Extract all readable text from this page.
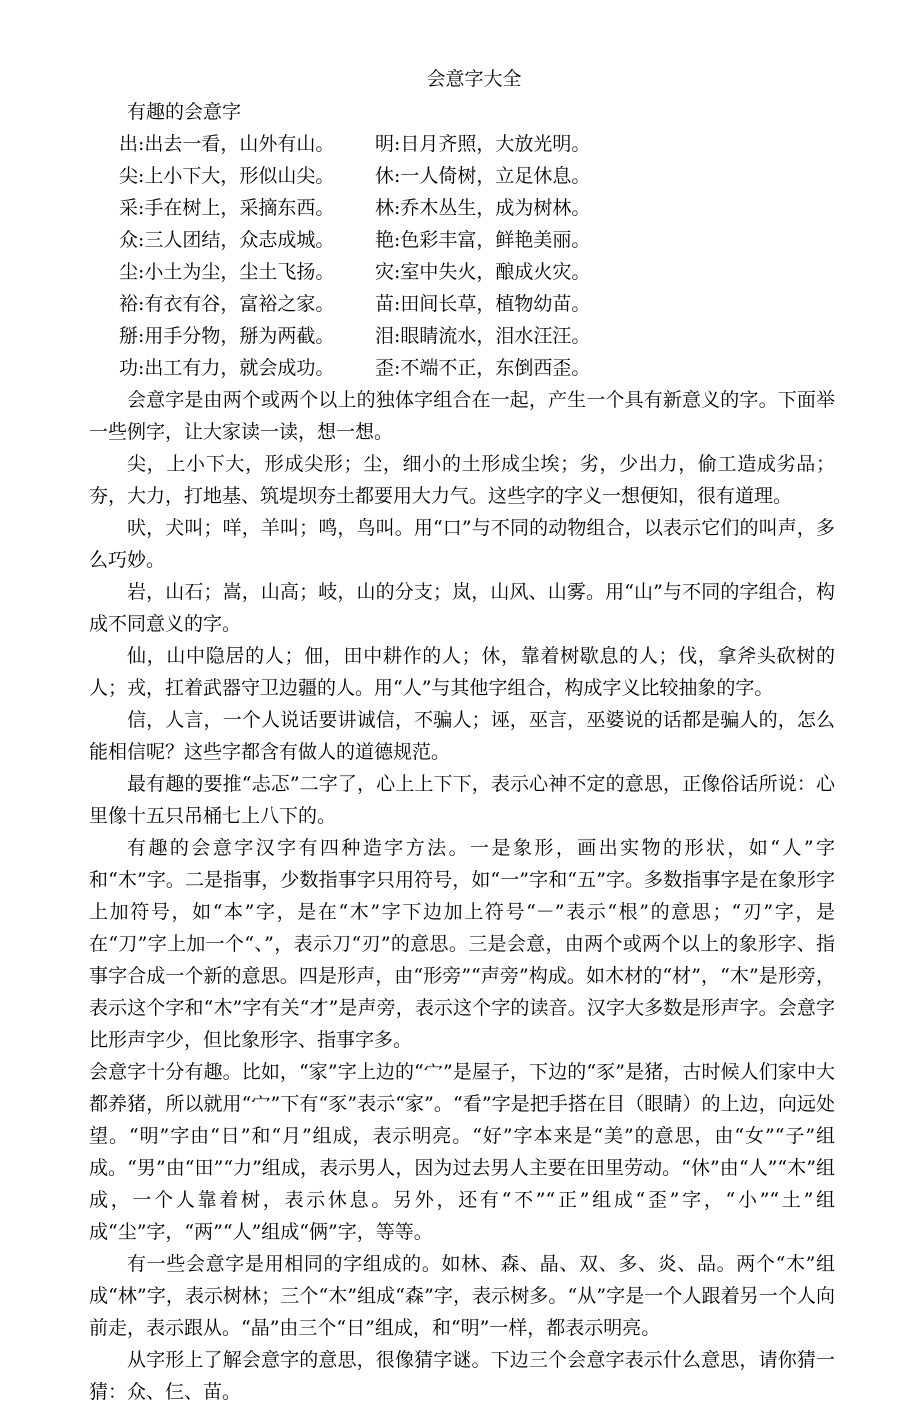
会意字大全
有趣的会意字
出:出去一看，山外有山。 明:日月齐照，大放光明。
尖:上小下大，形似山尖。 休:一人倚树，立足休息。
采:手在树上，采摘东西。 林:乔木丛生，成为树林。
众:三人团结，众志成城。 艳:色彩丰富，鲜艳美丽。
尘:小土为尘，尘土飞扬。 灾:室中失火，酿成火灾。
裕:有衣有谷，富裕之家。 苗:田间长草，植物幼苗。
掰:用手分物，掰为两截。 泪:眼睛流水，泪水汪汪。
功:出工有力，就会成功。 歪:不端不正，东倒西歪。

会意字是由两个或两个以上的独体字组合在一起，产生一个具有新意义的字。下面举一些例字，让大家读一读，想一想。

尖，上小下大，形成尖形；尘，细小的土形成尘埃；劣，少出力，偷工造成劣品；夯，大力，打地基、筑堤坝夯土都要用大力气。这些字的字义一想便知，很有道理。

吠，犬叫；咩，羊叫；鸣，鸟叫。用“口”与不同的动物组合，以表示它们的叫声，多么巧妙。

岩，山石；嵩，山高；岐，山的分支；岚，山风、山雾。用“山”与不同的字组合，构成不同意义的字。

仙，山中隐居的人；佃，田中耕作的人；休，靠着树歇息的人；伐，拿斧头砍树的人；戎，扛着武器守卫边疆的人。用“人”与其他字组合，构成字义比较抽象的字。

信，人言，一个人说话要讲诚信，不骗人；诬，巫言，巫婆说的话都是骗人的，怎么能相信呢？这些字都含有做人的道德规范。

最有趣的要推“忐忑”二字了，心上上下下，表示心神不定的意思，正像俗话所说：心里像十五只吊桶七上八下的。

有趣的会意字汉字有四种造字方法。一是象形，画出实物的形状，如“人”字和“木”字。二是指事，少数指事字只用符号，如“一”字和“五”字。多数指事字是在象形字上加符号，如“本”字，是在“木”字下边加上符号“－”表示“根”的意思；“刃”字，是在“刀”字上加一个“、”，表示刀“刃”的意思。三是会意，由两个或两个以上的象形字、指事字合成一个新的意思。四是形声，由“形旁”“声旁”构成。如木材的“材”，“木”是形旁，表示这个字和“木”字有关“才”是声旁，表示这个字的读音。汉字大多数是形声字。会意字比形声字少，但比象形字、指事字多。

会意字十分有趣。比如，“家”字上边的“宀”是屋子，下边的“豕”是猪，古时候人们家中大都养猪，所以就用“宀”下有“豕”表示“家”。“看”字是把手搭在目（眼睛）的上边，向远处望。“明”字由“日”和“月”组成，表示明亮。“好”字本来是“美”的意思，由“女”“子”组成。“男”由“田”“力”组成，表示男人，因为过去男人主要在田里劳动。“休”由“人”“木”组成，一个人靠着树，表示休息。另外，还有“不”“正”组成“歪”字，“小”“土”组成“尘”字，“两”“人”组成“俩”字，等等。

有一些会意字是用相同的字组成的。如林、森、晶、双、多、炎、品。两个“木”组成“林”字，表示树林；三个“木”组成“森”字，表示树多。“从”字是一个人跟着另一个人向前走，表示跟从。“晶”由三个“日”组成，和“明”一样，都表示明亮。

从字形上了解会意字的意思，很像猜字谜。下边三个会意字表示什么意思，请你猜一猜：众、仨、苗。
